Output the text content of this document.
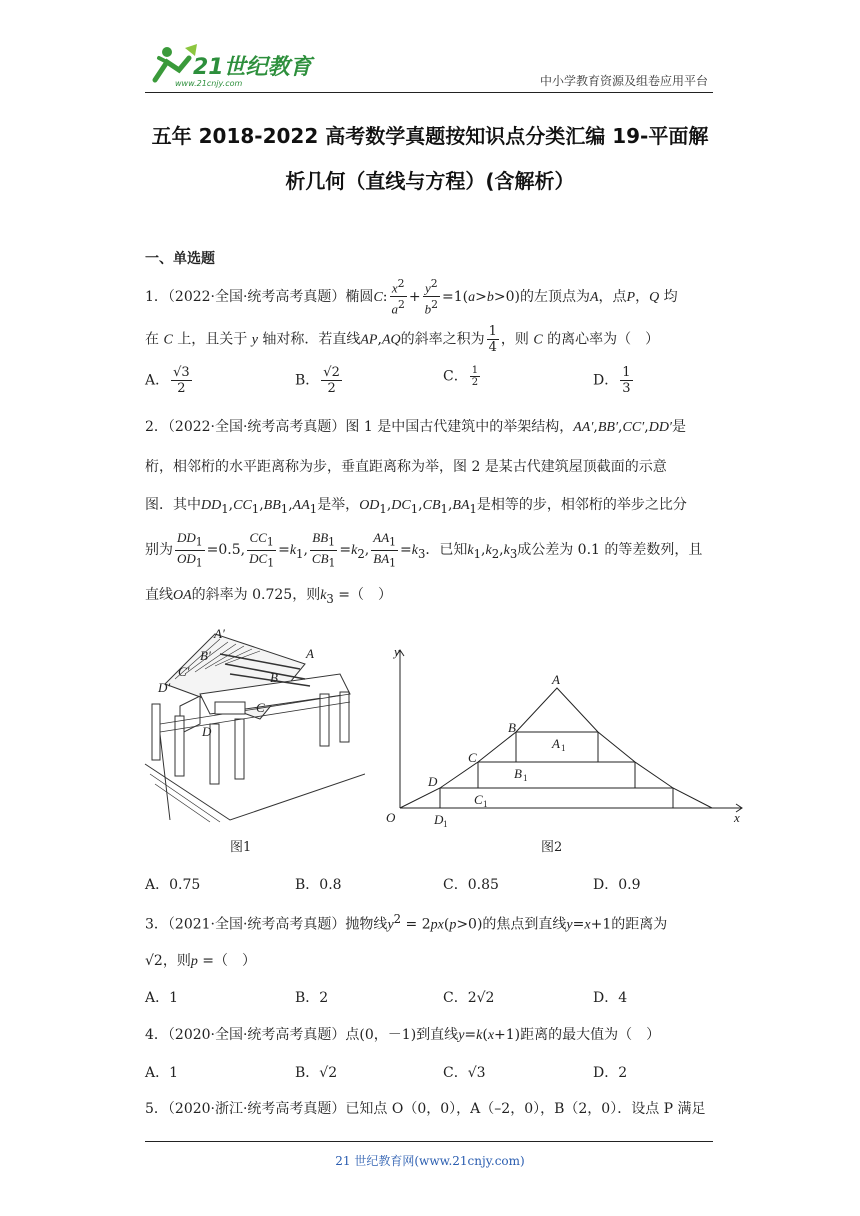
21世纪教育
www.21cnjy.com	中小学教育资源及组卷应用平台
五年 2018-2022 高考数学真题按知识点分类汇编 19-平面解
析几何（直线与方程）(含解析）
一、单选题
1．（2022·全国·统考高考真题）椭圆C: $\frac{x^2}{a^2} + \frac{y^2}{b^2} =1(a>b>0)$的左顶点为A，点P，Q 均
在 C 上，且关于 y 轴对称．若直线AP,AQ的斜率之积为 $\frac{1}{4}$ ，则 C 的离心率为（　）
A． $\frac{√3}{2}$	B． $\frac{√2}{2}$	C． $\frac{1}{2}$	D． $\frac{1}{3}$
2．（2022·全国·统考高考真题）图 1 是中国古代建筑中的举架结构，AA′,BB′,CC′,DD′是
桁，相邻桁的水平距离称为步，垂直距离称为举，图 2 是某古代建筑屋顶截面的示意
图．其中$DD_1,CC_1,BB_1,AA_1$是举，$OD_1,DC_1,CB_1,BA_1$是相等的步，相邻桁的举步之比分
别为 $\frac{DD_1}{OD_1} =0.5$, $\frac{CC_1}{DC_1} =k_1$, $\frac{BB_1}{CB_1} =k_2$, $\frac{AA_1}{BA_1} =k_3$．已知$k_1,k_2,k_3$成公差为 0.1 的等差数列，且
直线OA的斜率为 0.725，则$k_3$ =（　）
A′
B′
C′
D′
A
B
C
D
图1
y
x
O
A
A 1
B
B 1
C
C 1
D
D 1
图2
A．0.75	B．0.8	C．0.85	D．0.9
3．（2021·全国·统考高考真题）抛物线$y^2 = 2px(p>0)$的焦点到直线y=x+1的距离为
√2，则p =（　）
A．1	B．2	C．2√2	D．4
4．（2020·全国·统考高考真题）点(0，－1)到直线y=k(x+1)距离的最大值为（　）
A．1	B．√2	C．√3	D．2
5．（2020·浙江·统考高考真题）已知点 O（0，0），A（–2，0），B（2，0）．设点 P 满足
21 世纪教育网(www.21cnjy.com)
